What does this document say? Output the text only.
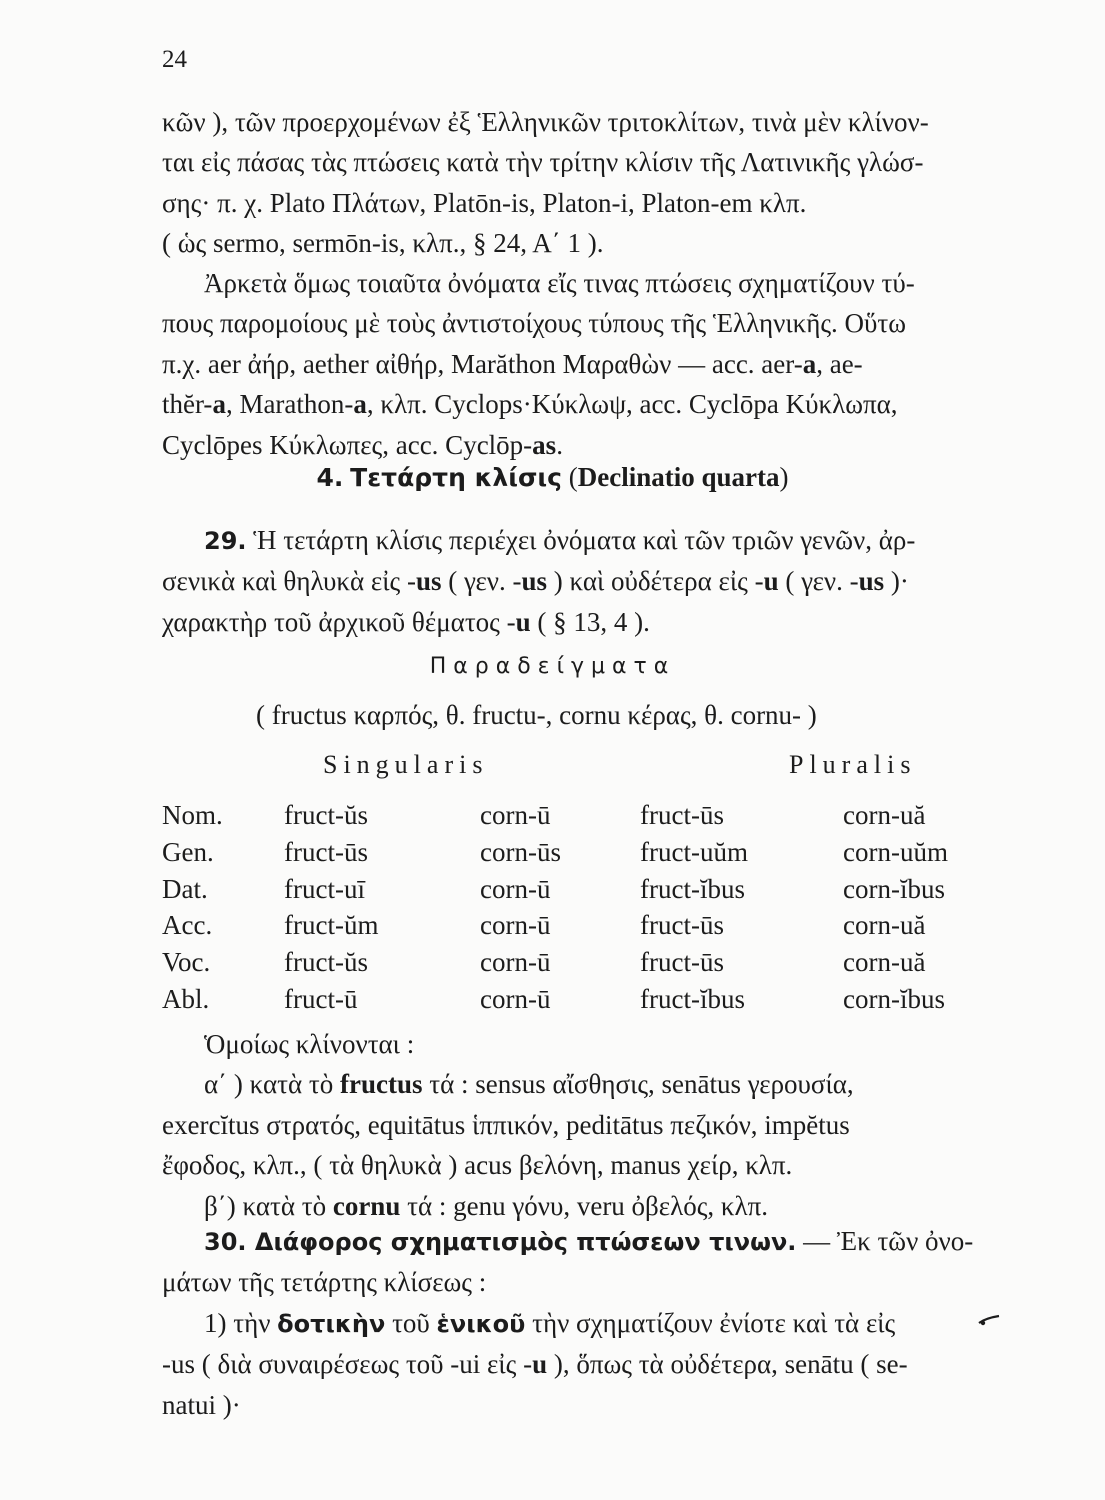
24
κῶν ), τῶν προερχομένων ἐξ Ἑλληνικῶν τριτοκλίτων, τινὰ μὲν κλίνον-
ται εἰς πάσας τὰς πτώσεις κατὰ τὴν τρίτην κλίσιν τῆς Λατινικῆς γλώσ-
σης· π. χ. Plato Πλάτων, Platōn-is, Platon-i, Platon-em κλπ.
( ὡς sermo, sermōn-is, κλπ., § 24, Α΄ 1 ).
Ἀρκετὰ ὅμως τοιαῦτα ὀνόματα εἴς τινας πτώσεις σχηματίζουν τύ-
πους παρομοίους μὲ τοὺς ἀντιστοίχους τύπους τῆς Ἑλληνικῆς. Οὕτω
π.χ. aer ἀήρ, aether αἰθήρ, Marăthon Μαραθὼν — acc. aer-a, ae-
thĕr-a, Marathon-a, κλπ. Cyclops·Κύκλωψ, acc. Cyclōpa Κύκλωπα,
Cyclōpes Κύκλωπες, acc. Cyclōp-as.
4. Τετάρτη κλίσις (Declinatio quarta)
29. Ἡ τετάρτη κλίσις περιέχει ὀνόματα καὶ τῶν τριῶν γενῶν, ἀρ-
σενικὰ καὶ θηλυκὰ εἰς -us ( γεν. -us ) καὶ οὐδέτερα εἰς -u ( γεν. -us )·
χαρακτὴρ τοῦ ἀρχικοῦ θέματος -u ( § 13, 4 ).
Παραδείγματα
( fructus καρπός, θ. fructu-, cornu κέρας, θ. cornu- )
Singularis	Pluralis
Nom.	fruct-ŭs	corn-ū	fruct-ūs	corn-uă
Gen.	fruct-ūs	corn-ūs	fruct-uŭm	corn-uŭm
Dat.	fruct-uī	corn-ū	fruct-ĭbus	corn-ĭbus
Acc.	fruct-ŭm	corn-ū	fruct-ūs	corn-uă
Voc.	fruct-ŭs	corn-ū	fruct-ūs	corn-uă
Abl.	fruct-ū	corn-ū	fruct-ĭbus	corn-ĭbus
Ὁμοίως κλίνονται :
α΄ ) κατὰ τὸ fructus τά : sensus αἴσθησις, senātus γερουσία,
exercĭtus στρατός, equitātus ἱππικόν, peditātus πεζικόν, impĕtus
ἔφοδος, κλπ., ( τὰ θηλυκὰ ) acus βελόνη, manus χείρ, κλπ.
β΄) κατὰ τὸ cornu τά : genu γόνυ, veru ὀβελός, κλπ.
30. Διάφορος σχηματισμὸς πτώσεων τινων. — Ἐκ τῶν ὀνο-
μάτων τῆς τετάρτης κλίσεως :
1) τὴν δοτικὴν τοῦ ἑνικοῦ τὴν σχηματίζουν ἐνίοτε καὶ τὰ εἰς
-us ( διὰ συναιρέσεως τοῦ -ui εἰς -u ), ὅπως τὰ οὐδέτερα, senātu ( se-
natui )·
